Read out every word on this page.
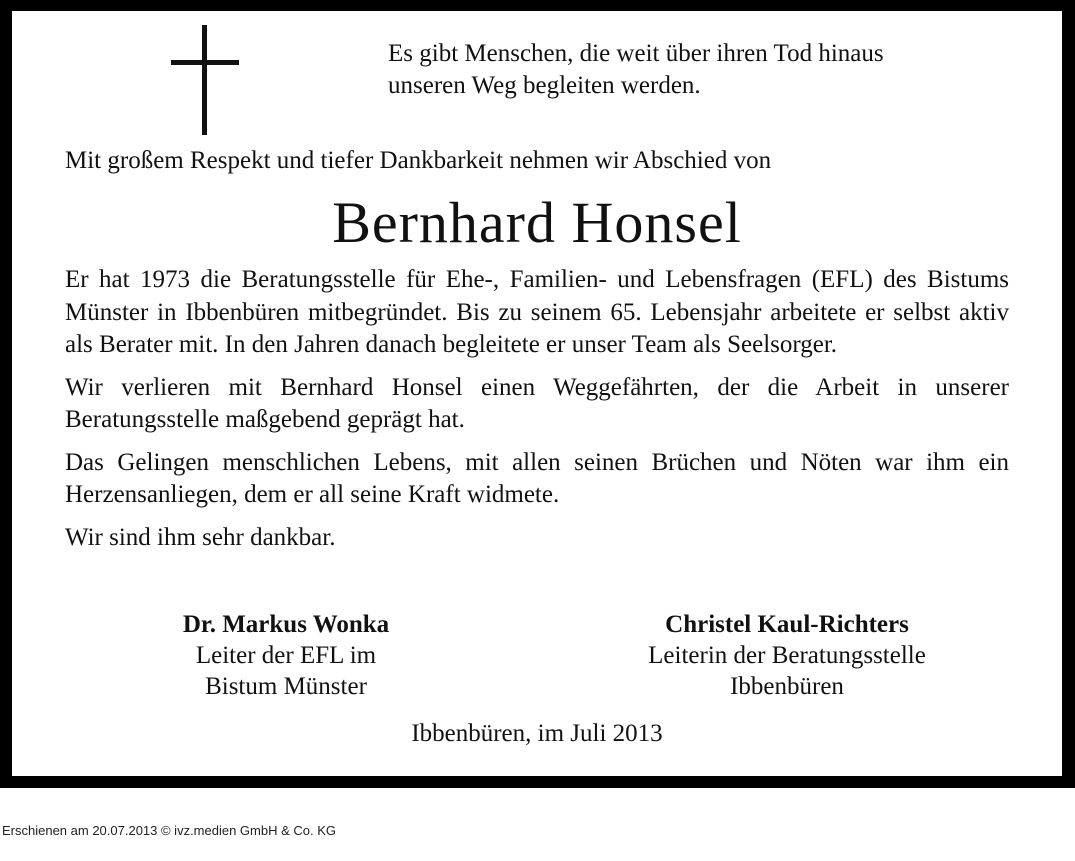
Es gibt Menschen, die weit über ihren Tod hinaus
unseren Weg begleiten werden.
Mit großem Respekt und tiefer Dankbarkeit nehmen wir Abschied von
Bernhard Honsel

Er hat 1973 die Beratungsstelle für Ehe-, Familien- und Lebensfragen (EFL) des Bistums Münster in Ibbenbüren mitbegründet. Bis zu seinem 65. Lebensjahr arbeitete er selbst aktiv als Berater mit. In den Jahren danach begleitete er unser Team als Seelsorger.

Wir verlieren mit Bernhard Honsel einen Weggefährten, der die Arbeit in unserer Beratungsstelle maßgebend geprägt hat.

Das Gelingen menschlichen Lebens, mit allen seinen Brüchen und Nöten war ihm ein Herzensanliegen, dem er all seine Kraft widmete.

Wir sind ihm sehr dankbar.

Dr. Markus Wonka
Leiter der EFL im
Bistum Münster
Christel Kaul-Richters
Leiterin der Beratungsstelle
Ibbenbüren
Ibbenbüren, im Juli 2013
Erschienen am 20.07.2013 © ivz.medien GmbH & Co. KG
